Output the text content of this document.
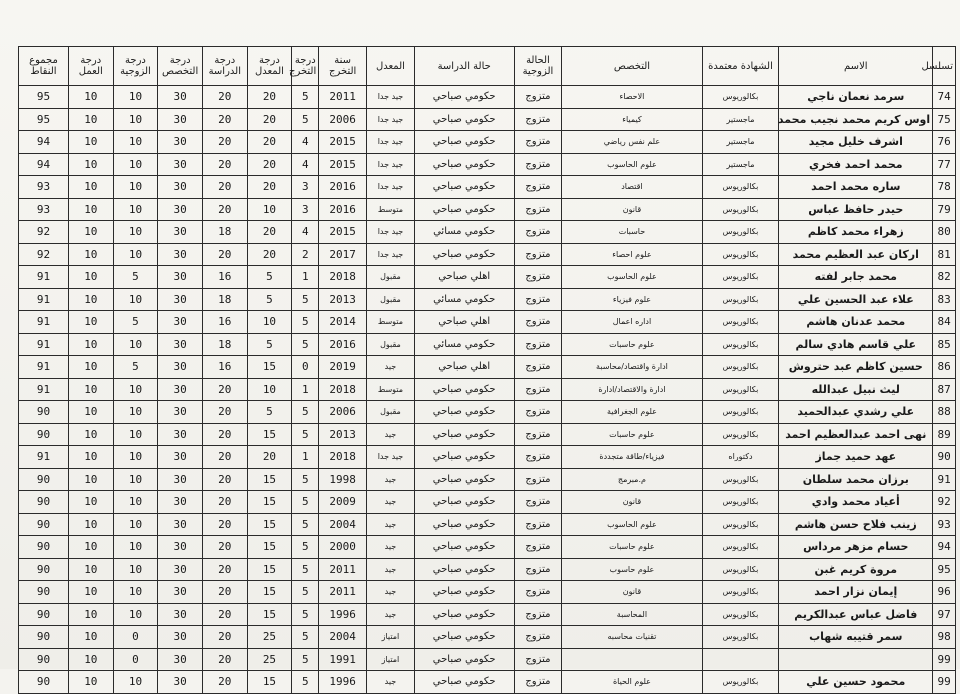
تسلسل	الاسم	الشهادة معتمدة	التخصص	الحالة الزوجية	حالة الدراسة	المعدل	سنة التخرج	درجة التخرج	درجة المعدل	درجة الدراسة	درجة التخصص	درجة الزوجية	درجة العمل	مجموع النقاط
74	سرمد نعمان ناجي	بكالوريوس	الاحصاء	متزوج	حكومي صباحي	جيد جدا	2011	5	20	20	30	10	10	95
75	اوس كريم محمد نجيب محمد	ماجستير	كيمياء	متزوج	حكومي صباحي	جيد جدا	2006	5	20	20	30	10	10	95
76	اشرف خليل مجيد	ماجستير	علم نفس رياضي	متزوج	حكومي صباحي	جيد جدا	2015	4	20	20	30	10	10	94
77	محمد احمد فخري	ماجستير	علوم الحاسوب	متزوج	حكومي صباحي	جيد جدا	2015	4	20	20	30	10	10	94
78	ساره محمد احمد	بكالوريوس	اقتصاد	متزوج	حكومي صباحي	جيد جدا	2016	3	20	20	30	10	10	93
79	حيدر حافظ عباس	بكالوريوس	قانون	متزوج	حكومي صباحي	متوسط	2016	3	10	20	30	10	10	93
80	زهراء محمد كاظم	بكالوريوس	حاسبات	متزوج	حكومي مسائي	جيد جدا	2015	4	20	18	30	10	10	92
81	اركان عبد العظيم محمد	بكالوريوس	علوم احصاء	متزوج	حكومي صباحي	جيد جدا	2017	2	20	20	30	10	10	92
82	محمد جابر لفته	بكالوريوس	علوم الحاسوب	متزوج	اهلي صباحي	مقبول	2018	1	5	16	30	5	10	91
83	علاء عبد الحسين علي	بكالوريوس	علوم فيزياء	متزوج	حكومي مسائي	مقبول	2013	5	5	18	30	10	10	91
84	محمد عدنان هاشم	بكالوريوس	اداره اعمال	متزوج	اهلي صباحي	متوسط	2014	5	10	16	30	5	10	91
85	علي قاسم هادي سالم	بكالوريوس	علوم حاسبات	متزوج	حكومي مسائي	مقبول	2016	5	5	18	30	10	10	91
86	حسين كاظم عبد حتروش	بكالوريوس	ادارة واقتصاد/محاسبة	متزوج	اهلي صباحي	جيد	2019	0	15	16	30	5	10	91
87	ليث نبيل عبدالله	بكالوريوس	ادارة والاقتصاد/ادارة	متزوج	حكومي صباحي	متوسط	2018	1	10	20	30	10	10	91
88	علي رشدي عبدالحميد	بكالوريوس	علوم الجغرافية	متزوج	حكومي صباحي	مقبول	2006	5	5	20	30	10	10	90
89	نهى احمد عبدالعظيم احمد	بكالوريوس	علوم حاسبات	متزوج	حكومي صباحي	جيد	2013	5	15	20	30	10	10	90
90	عهد حميد جماز	دكتوراه	فيزياء/طاقة متجددة	متزوج	حكومي صباحي	جيد جدا	2018	1	20	20	30	10	10	91
91	برزان محمد سلطان	بكالوريوس	م.مبرمج	متزوج	حكومي صباحي	جيد	1998	5	15	20	30	10	10	90
92	أعياد محمد وادي	بكالوريوس	قانون	متزوج	حكومي صباحي	جيد	2009	5	15	20	30	10	10	90
93	زينب فلاح حسن هاشم	بكالوريوس	علوم الحاسوب	متزوج	حكومي صباحي	جيد	2004	5	15	20	30	10	10	90
94	حسام مزهر مرداس	بكالوريوس	علوم حاسبات	متزوج	حكومي صباحي	جيد	2000	5	15	20	30	10	10	90
95	مروة كريم غبن	بكالوريوس	علوم حاسوب	متزوج	حكومي صباحي	جيد	2011	5	15	20	30	10	10	90
96	إيمان نزار احمد	بكالوريوس	قانون	متزوج	حكومي صباحي	جيد	2011	5	15	20	30	10	10	90
97	فاضل عباس عبدالكريم	بكالوريوس	المحاسبة	متزوج	حكومي صباحي	جيد	1996	5	15	20	30	10	10	90
98	سمر قتيبه شهاب	بكالوريوس	تقنيات محاسبه	متزوج	حكومي صباحي	امتياز	2004	5	25	20	30	0	10	90
99				متزوج	حكومي صباحي	امتياز	1991	5	25	20	30	0	10	90
99	محمود حسين علي	بكالوريوس	علوم الحياة	متزوج	حكومي صباحي	جيد	1996	5	15	20	30	10	10	90
